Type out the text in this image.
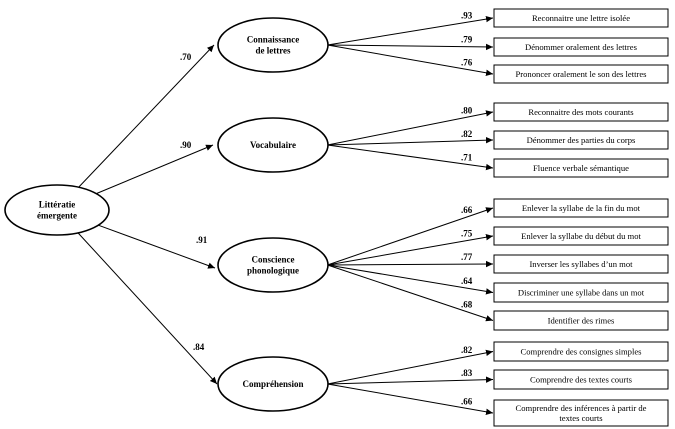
Littératie émergente
Connaissance de lettres
Reconnaitre une lettre isolée
Dénommer oralement des lettres
Prononcer oralement le son des lettres
Vocabulaire
Reconnaitre des mots courants
Dénommer des parties du corps
Fluence verbale sémantique
Conscience phonologique
Enlever la syllabe de la fin du mot
Enlever la syllabe du début du mot
Inverser les syllabes d’un mot
Discriminer une syllabe dans un mot
Identifier des rimes
Compréhension
Comprendre des consignes simples
Comprendre des textes courts
Comprendre des inférences à partir de textes courts
.70
.93
.79
.76
.90
.80
.82
.71
.91
.66
.75
.77
.64
.68
.84	.82
.83
.66
